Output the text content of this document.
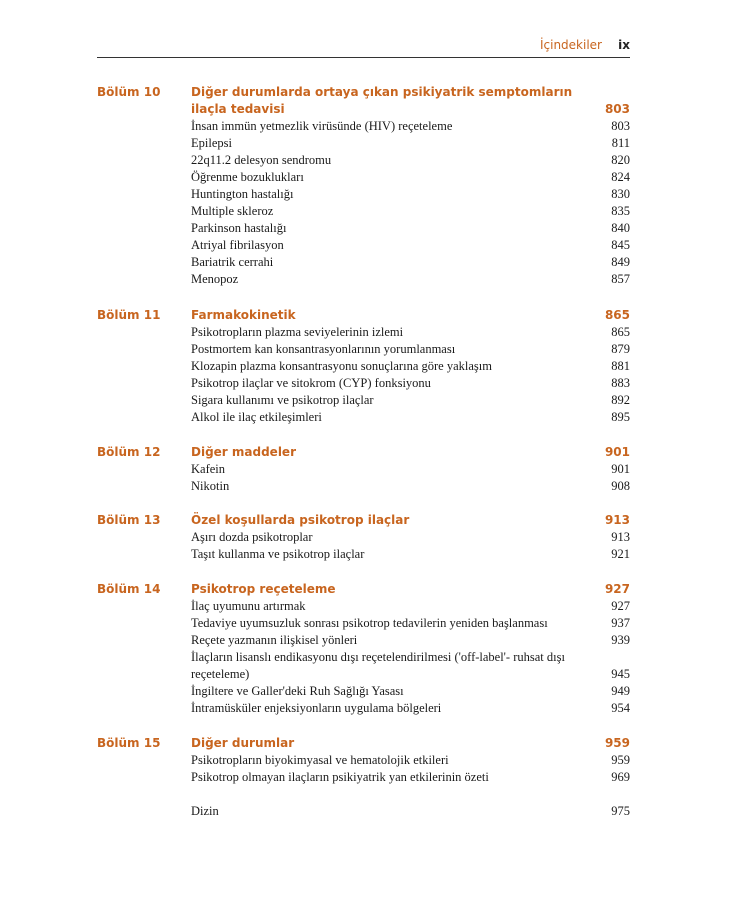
İçindekiler ix
Bölüm 10	Diğer durumlarda ortaya çıkan psikiyatrik semptomların ilaçla tedavisi	803
İnsan immün yetmezlik virüsünde (HIV) reçeteleme	803
Epilepsi	811
22q11.2 delesyon sendromu	820
Öğrenme bozuklukları	824
Huntington hastalığı	830
Multiple skleroz	835
Parkinson hastalığı	840
Atriyal fibrilasyon	845
Bariatrik cerrahi	849
Menopoz	857
Bölüm 11	Farmakokinetik	865
Psikotropların plazma seviyelerinin izlemi	865
Postmortem kan konsantrasyonlarının yorumlanması	879
Klozapin plazma konsantrasyonu sonuçlarına göre yaklaşım	881
Psikotrop ilaçlar ve sitokrom (CYP) fonksiyonu	883
Sigara kullanımı ve psikotrop ilaçlar	892
Alkol ile ilaç etkileşimleri	895
Bölüm 12	Diğer maddeler	901
Kafein	901
Nikotin	908
Bölüm 13	Özel koşullarda psikotrop ilaçlar	913
Aşırı dozda psikotroplar	913
Taşıt kullanma ve psikotrop ilaçlar	921
Bölüm 14	Psikotrop reçeteleme	927
İlaç uyumunu artırmak	927
Tedaviye uyumsuzluk sonrası psikotrop tedavilerin yeniden başlanması	937
Reçete yazmanın ilişkisel yönleri	939
İlaçların lisanslı endikasyonu dışı reçetelendirilmesi ('off-label'- ruhsat dışı reçeteleme)	945
İngiltere ve Galler'deki Ruh Sağlığı Yasası	949
İntramüsküler enjeksiyonların uygulama bölgeleri	954
Bölüm 15	Diğer durumlar	959
Psikotropların biyokimyasal ve hematolojik etkileri	959
Psikotrop olmayan ilaçların psikiyatrik yan etkilerinin özeti	969
Dizin	975
